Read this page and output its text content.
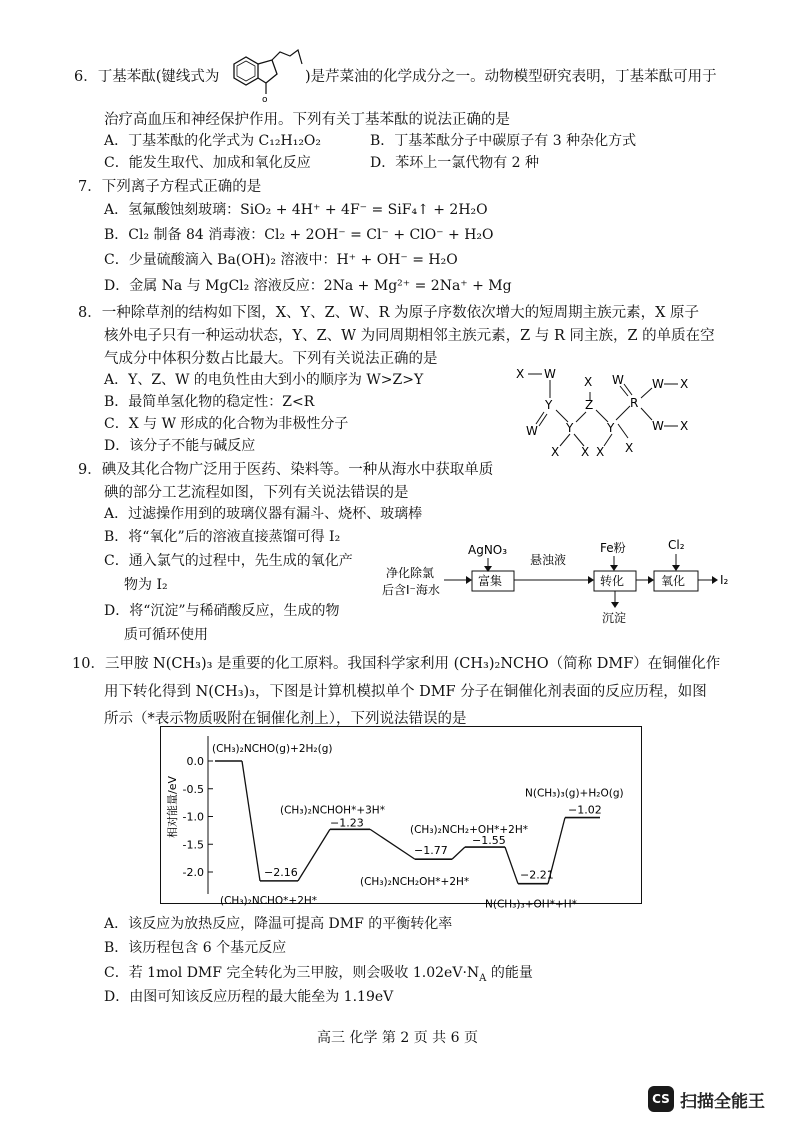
6．丁基苯酞(键线式为
o
)是芹菜油的化学成分之一。动物模型研究表明，丁基苯酞可用于
治疗高血压和神经保护作用。下列有关丁基苯酞的说法正确的是
A．丁基苯酞的化学式为 C₁₂H₁₂O₂	B．丁基苯酞分子中碳原子有 3 种杂化方式
C．能发生取代、加成和氧化反应	D．苯环上一氯代物有 2 种
7．下列离子方程式正确的是
A．氢氟酸蚀刻玻璃：SiO₂ + 4H⁺ + 4F⁻ = SiF₄↑ + 2H₂O
B．Cl₂ 制备 84 消毒液：Cl₂ + 2OH⁻ = Cl⁻ + ClO⁻ + H₂O
C．少量硫酸滴入 Ba(OH)₂ 溶液中：H⁺ + OH⁻ = H₂O
D．金属 Na 与 MgCl₂ 溶液反应：2Na + Mg²⁺ = 2Na⁺ + Mg
8．一种除草剂的结构如下图，X、Y、Z、W、R 为原子序数依次增大的短周期主族元素，X 原子
核外电子只有一种运动状态，Y、Z、W 为同周期相邻主族元素，Z 与 R 同主族，Z 的单质在空
气成分中体积分数占比最大。下列有关说法正确的是
A．Y、Z、W 的电负性由大到小的顺序为 W>Z>Y
B．最简单氢化物的稳定性：Z<R
C．X 与 W 形成的化合物为非极性分子
D．该分子不能与碱反应
X W
Y
W Y
X X
Z
X
Y
X X
R
W W X
W X
9．碘及其化合物广泛用于医药、染料等。一种从海水中获取单质
碘的部分工艺流程如图，下列有关说法错误的是
A．过滤操作用到的玻璃仪器有漏斗、烧杯、玻璃棒
B．将“氧化”后的溶液直接蒸馏可得 I₂
C．通入氯气的过程中，先生成的氧化产
物为 I₂
D．将“沉淀”与稀硝酸反应，生成的物
质可循环使用
净化除氯
后含I⁻海水
AgNO₃
富集
悬浊液
Fe粉
转化
沉淀
Cl₂
氧化	I₂
10．三甲胺 N(CH₃)₃ 是重要的化工原料。我国科学家利用 (CH₃)₂NCHO（简称 DMF）在铜催化作
用下转化得到 N(CH₃)₃，下图是计算机模拟单个 DMF 分子在铜催化剂表面的反应历程，如图
所示（*表示物质吸附在铜催化剂上），下列说法错误的是
相对能量/eV
0.0
-0.5
-1.0
-1.5
-2.0
(CH₃)₂NCHO(g)+2H₂(g)
(CH₃)₂NCHO*+2H*
−2.16
(CH₃)₂NCHOH*+3H*
−1.23
(CH₃)₂NCH₂OH*+2H*
−1.77
(CH₃)₂NCH₂+OH*+2H*
−1.55
N(CH₃)₃+OH*+H*
−2.21
N(CH₃)₃(g)+H₂O(g)
−1.02
A．该反应为放热反应，降温可提高 DMF 的平衡转化率
B．该历程包含 6 个基元反应
C．若 1mol DMF 完全转化为三甲胺，则会吸收 $1.02eV\cdot N_A$ 的能量
D．由图可知该反应历程的最大能垒为 1.19eV
高三 化学 第 2 页 共 6 页
CS 扫描全能王
